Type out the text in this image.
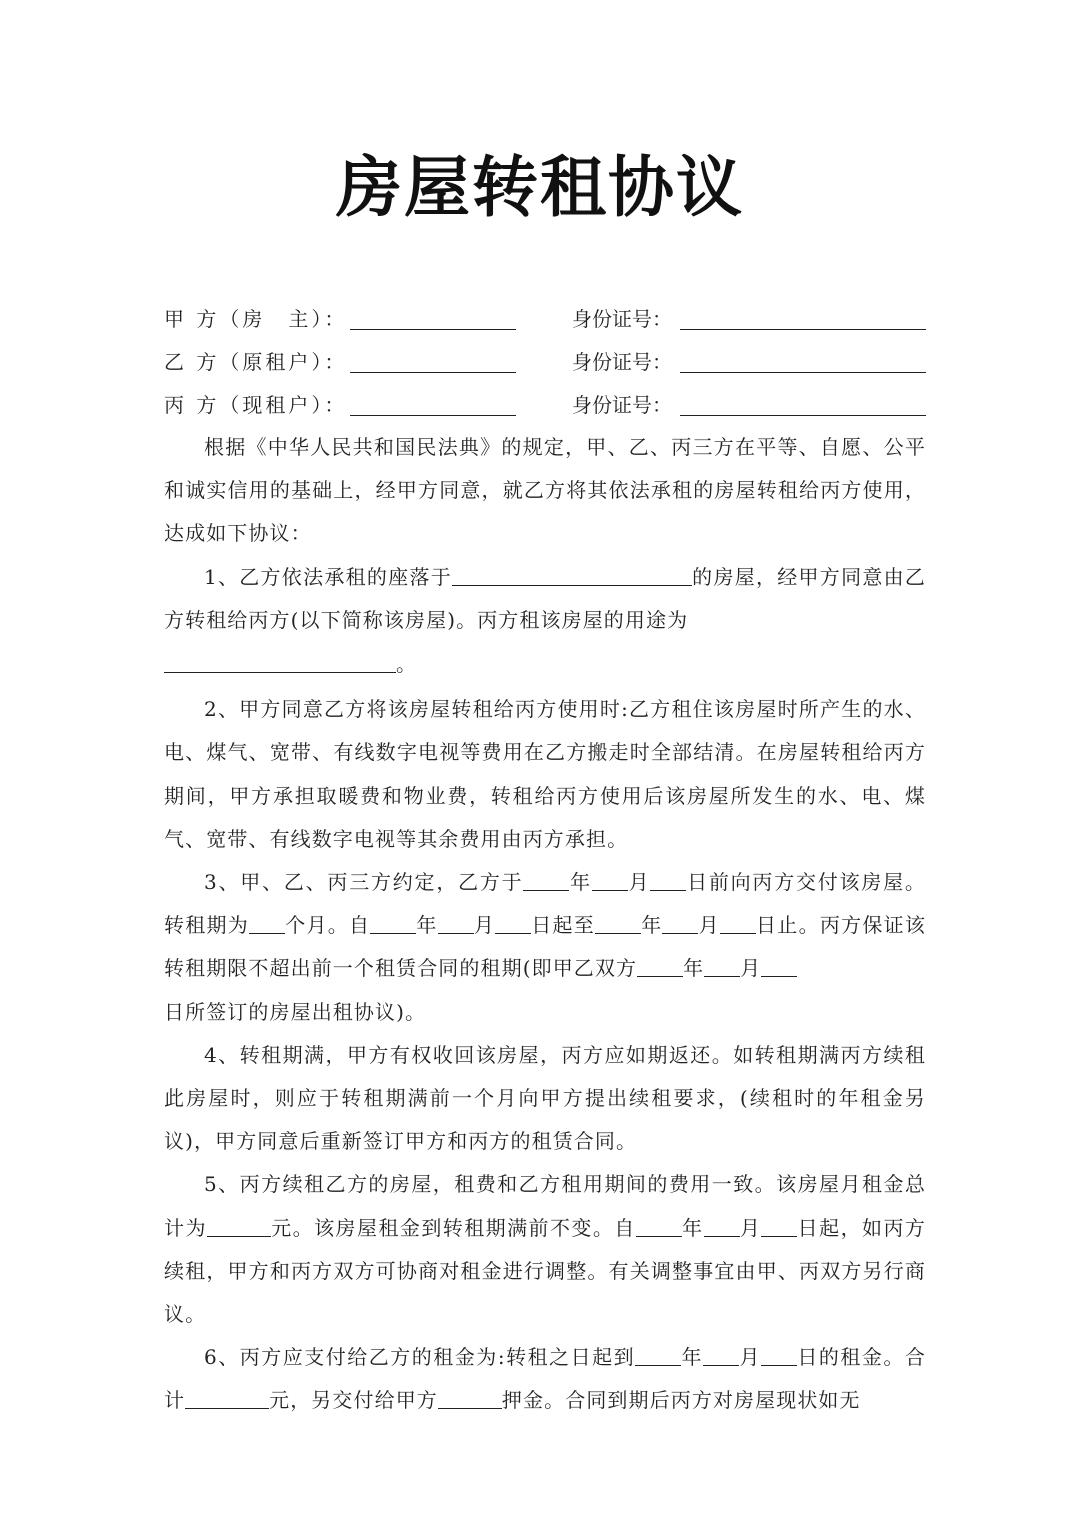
房屋转租协议
甲 方（房　主）：	身份证号：
乙 方（原租户）：	身份证号：
丙 方（现租户）：	身份证号：

根据《中华人民共和国民法典》的规定，甲、乙、丙三方在平等、自愿、公平和诚实信用的基础上，经甲方同意，就乙方将其依法承租的房屋转租给丙方使用，达成如下协议：

1、乙方依法承租的座落于	的房屋，经甲方同意由乙方转租给丙方(以下简称该房屋)。丙方租该房屋的用途为
。

2、甲方同意乙方将该房屋转租给丙方使用时:乙方租住该房屋时所产生的水、电、煤气、宽带、有线数字电视等费用在乙方搬走时全部结清。在房屋转租给丙方期间，甲方承担取暖费和物业费，转租给丙方使用后该房屋所发生的水、电、煤气、宽带、有线数字电视等其余费用由丙方承担。

3、甲、乙、丙三方约定，乙方于 年 月 日前向丙方交付该房屋。转租期为 个月。自 年 月 日起至 年 月 日止。丙方保证该转租期限不超出前一个租赁合同的租期(即甲乙双方 年 月
日所签订的房屋出租协议)。

4、转租期满，甲方有权收回该房屋，丙方应如期返还。如转租期满丙方续租此房屋时，则应于转租期满前一个月向甲方提出续租要求，(续租时的年租金另议)，甲方同意后重新签订甲方和丙方的租赁合同。

5、丙方续租乙方的房屋，租费和乙方租用期间的费用一致。该房屋月租金总计为	元。该房屋租金到转租期满前不变。自 年 月 日起，如丙方续租，甲方和丙方双方可协商对租金进行调整。有关调整事宜由甲、丙双方另行商议。

6、丙方应支付给乙方的租金为:转租之日起到 年 月 日的租金。合计	元，另交付给甲方	押金。合同到期后丙方对房屋现状如无
